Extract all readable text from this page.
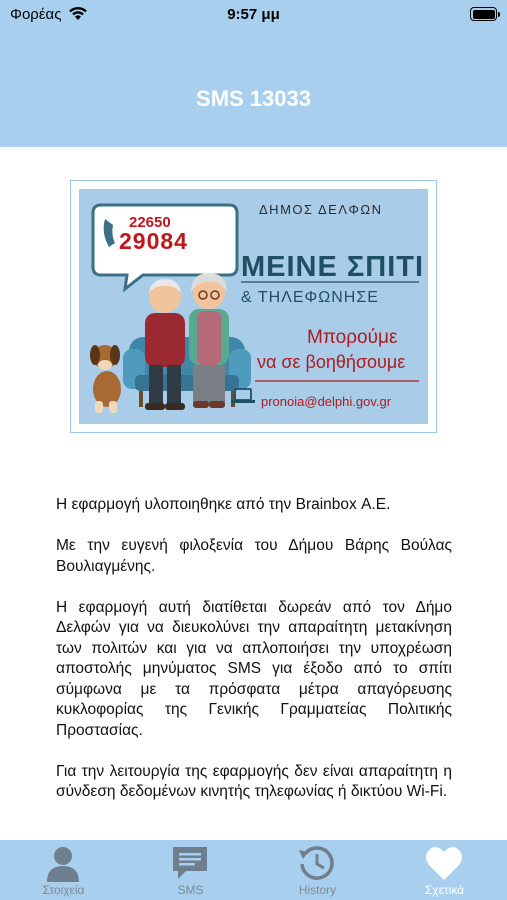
Φορέας	9:57 μμ
SMS 13033
ΔΗΜΟΣ ΔΕΛΦΩΝ
22650
29084
ΜΕΙΝΕ ΣΠΙΤΙ
& ΤΗΛΕΦΩΝΗΣΕ
Μπορούμε
να σε βοηθήσουμε
pronoia@delphi.gov.gr

Η εφαρμογή υλοποιηθηκε από την Brainbox Α.Ε.

Με την ευγενή φιλοξενία του Δήμου Βάρης Βούλας Βουλιαγμένης.

Η εφαρμογή αυτή διατίθεται δωρεάν από τον Δήμο Δελφών για να διευκολύνει την απαραίτητη μετακίνηση των πολιτών και για να απλοποιήσει την υποχρέωση αποστολής μηνύματος SMS για έξοδο από το σπίτι σύμφωνα με τα πρόσφατα μέτρα απαγόρευσης κυκλοφορίας της Γενικής Γραμματείας Πολιτικής Προστασίας.

Για την λειτουργία της εφαρμογής δεν είναι απαραίτητη η σύνδεση δεδομένων κινητής τηλεφωνίας ή δικτύου Wi-Fi.

Στοιχεία	SMS	History	Σχετικά
